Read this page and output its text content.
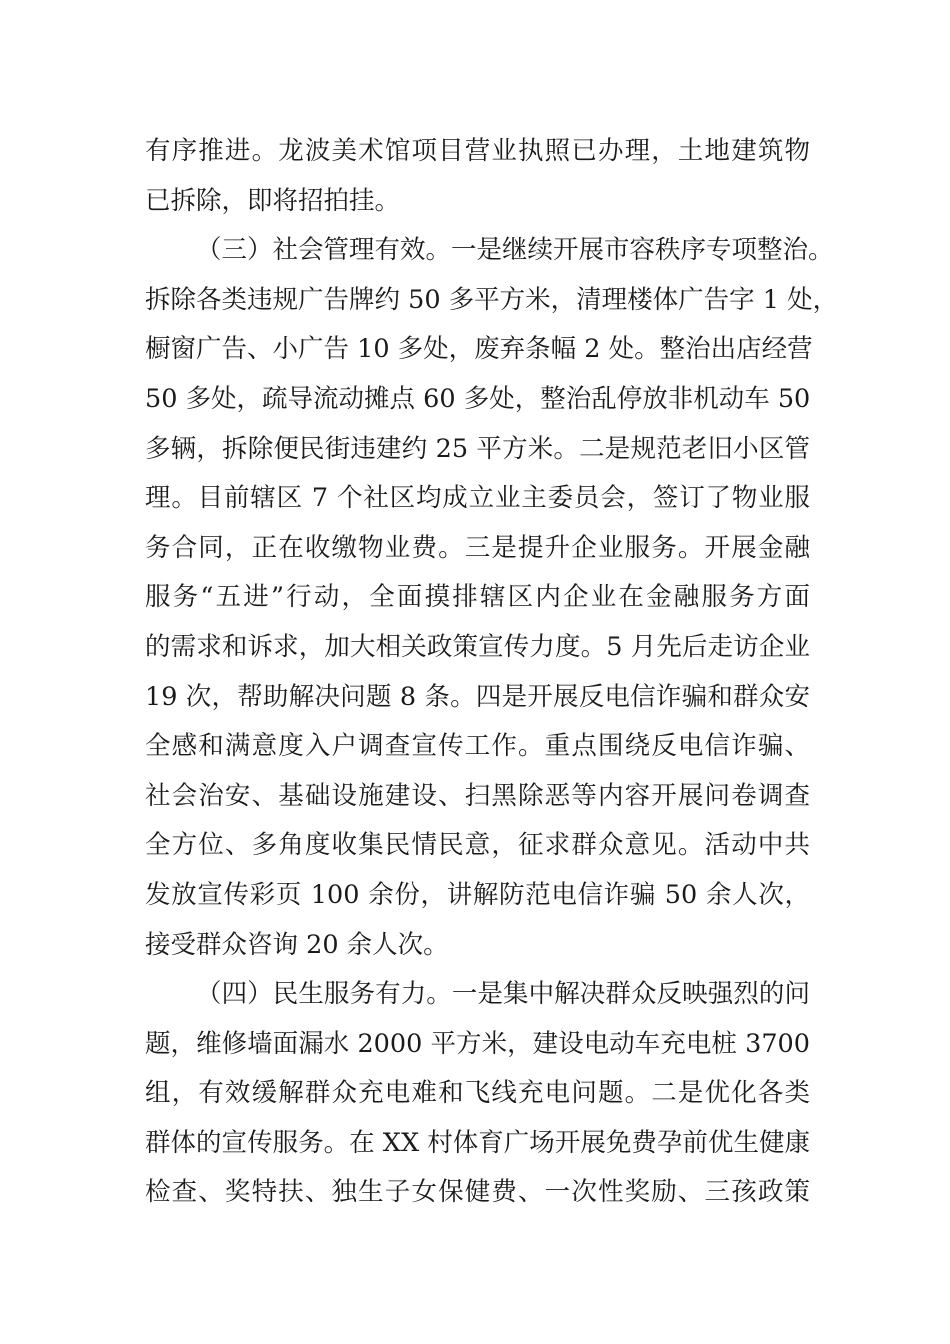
有序推进。龙波美术馆项目营业执照已办理，土地建筑物
已拆除，即将招拍挂。
（三）社会管理有效。一是继续开展市容秩序专项整治。
拆除各类违规广告牌约 50 多平方米，清理楼体广告字 1 处，
橱窗广告、小广告 10 多处，废弃条幅 2 处。整治出店经营
50 多处，疏导流动摊点 60 多处，整治乱停放非机动车 50
多辆，拆除便民街违建约 25 平方米。二是规范老旧小区管
理。目前辖区 7 个社区均成立业主委员会，签订了物业服
务合同，正在收缴物业费。三是提升企业服务。开展金融
服务“五进”行动，全面摸排辖区内企业在金融服务方面
的需求和诉求，加大相关政策宣传力度。5 月先后走访企业
19 次，帮助解决问题 8 条。四是开展反电信诈骗和群众安
全感和满意度入户调查宣传工作。重点围绕反电信诈骗、
社会治安、基础设施建设、扫黑除恶等内容开展问卷调查
全方位、多角度收集民情民意，征求群众意见。活动中共
发放宣传彩页 100 余份，讲解防范电信诈骗 50 余人次，
接受群众咨询 20 余人次。
（四）民生服务有力。一是集中解决群众反映强烈的问
题，维修墙面漏水 2000 平方米，建设电动车充电桩 3700
组，有效缓解群众充电难和飞线充电问题。二是优化各类
群体的宣传服务。在 XX 村体育广场开展免费孕前优生健康
检查、奖特扶、独生子女保健费、一次性奖励、三孩政策
